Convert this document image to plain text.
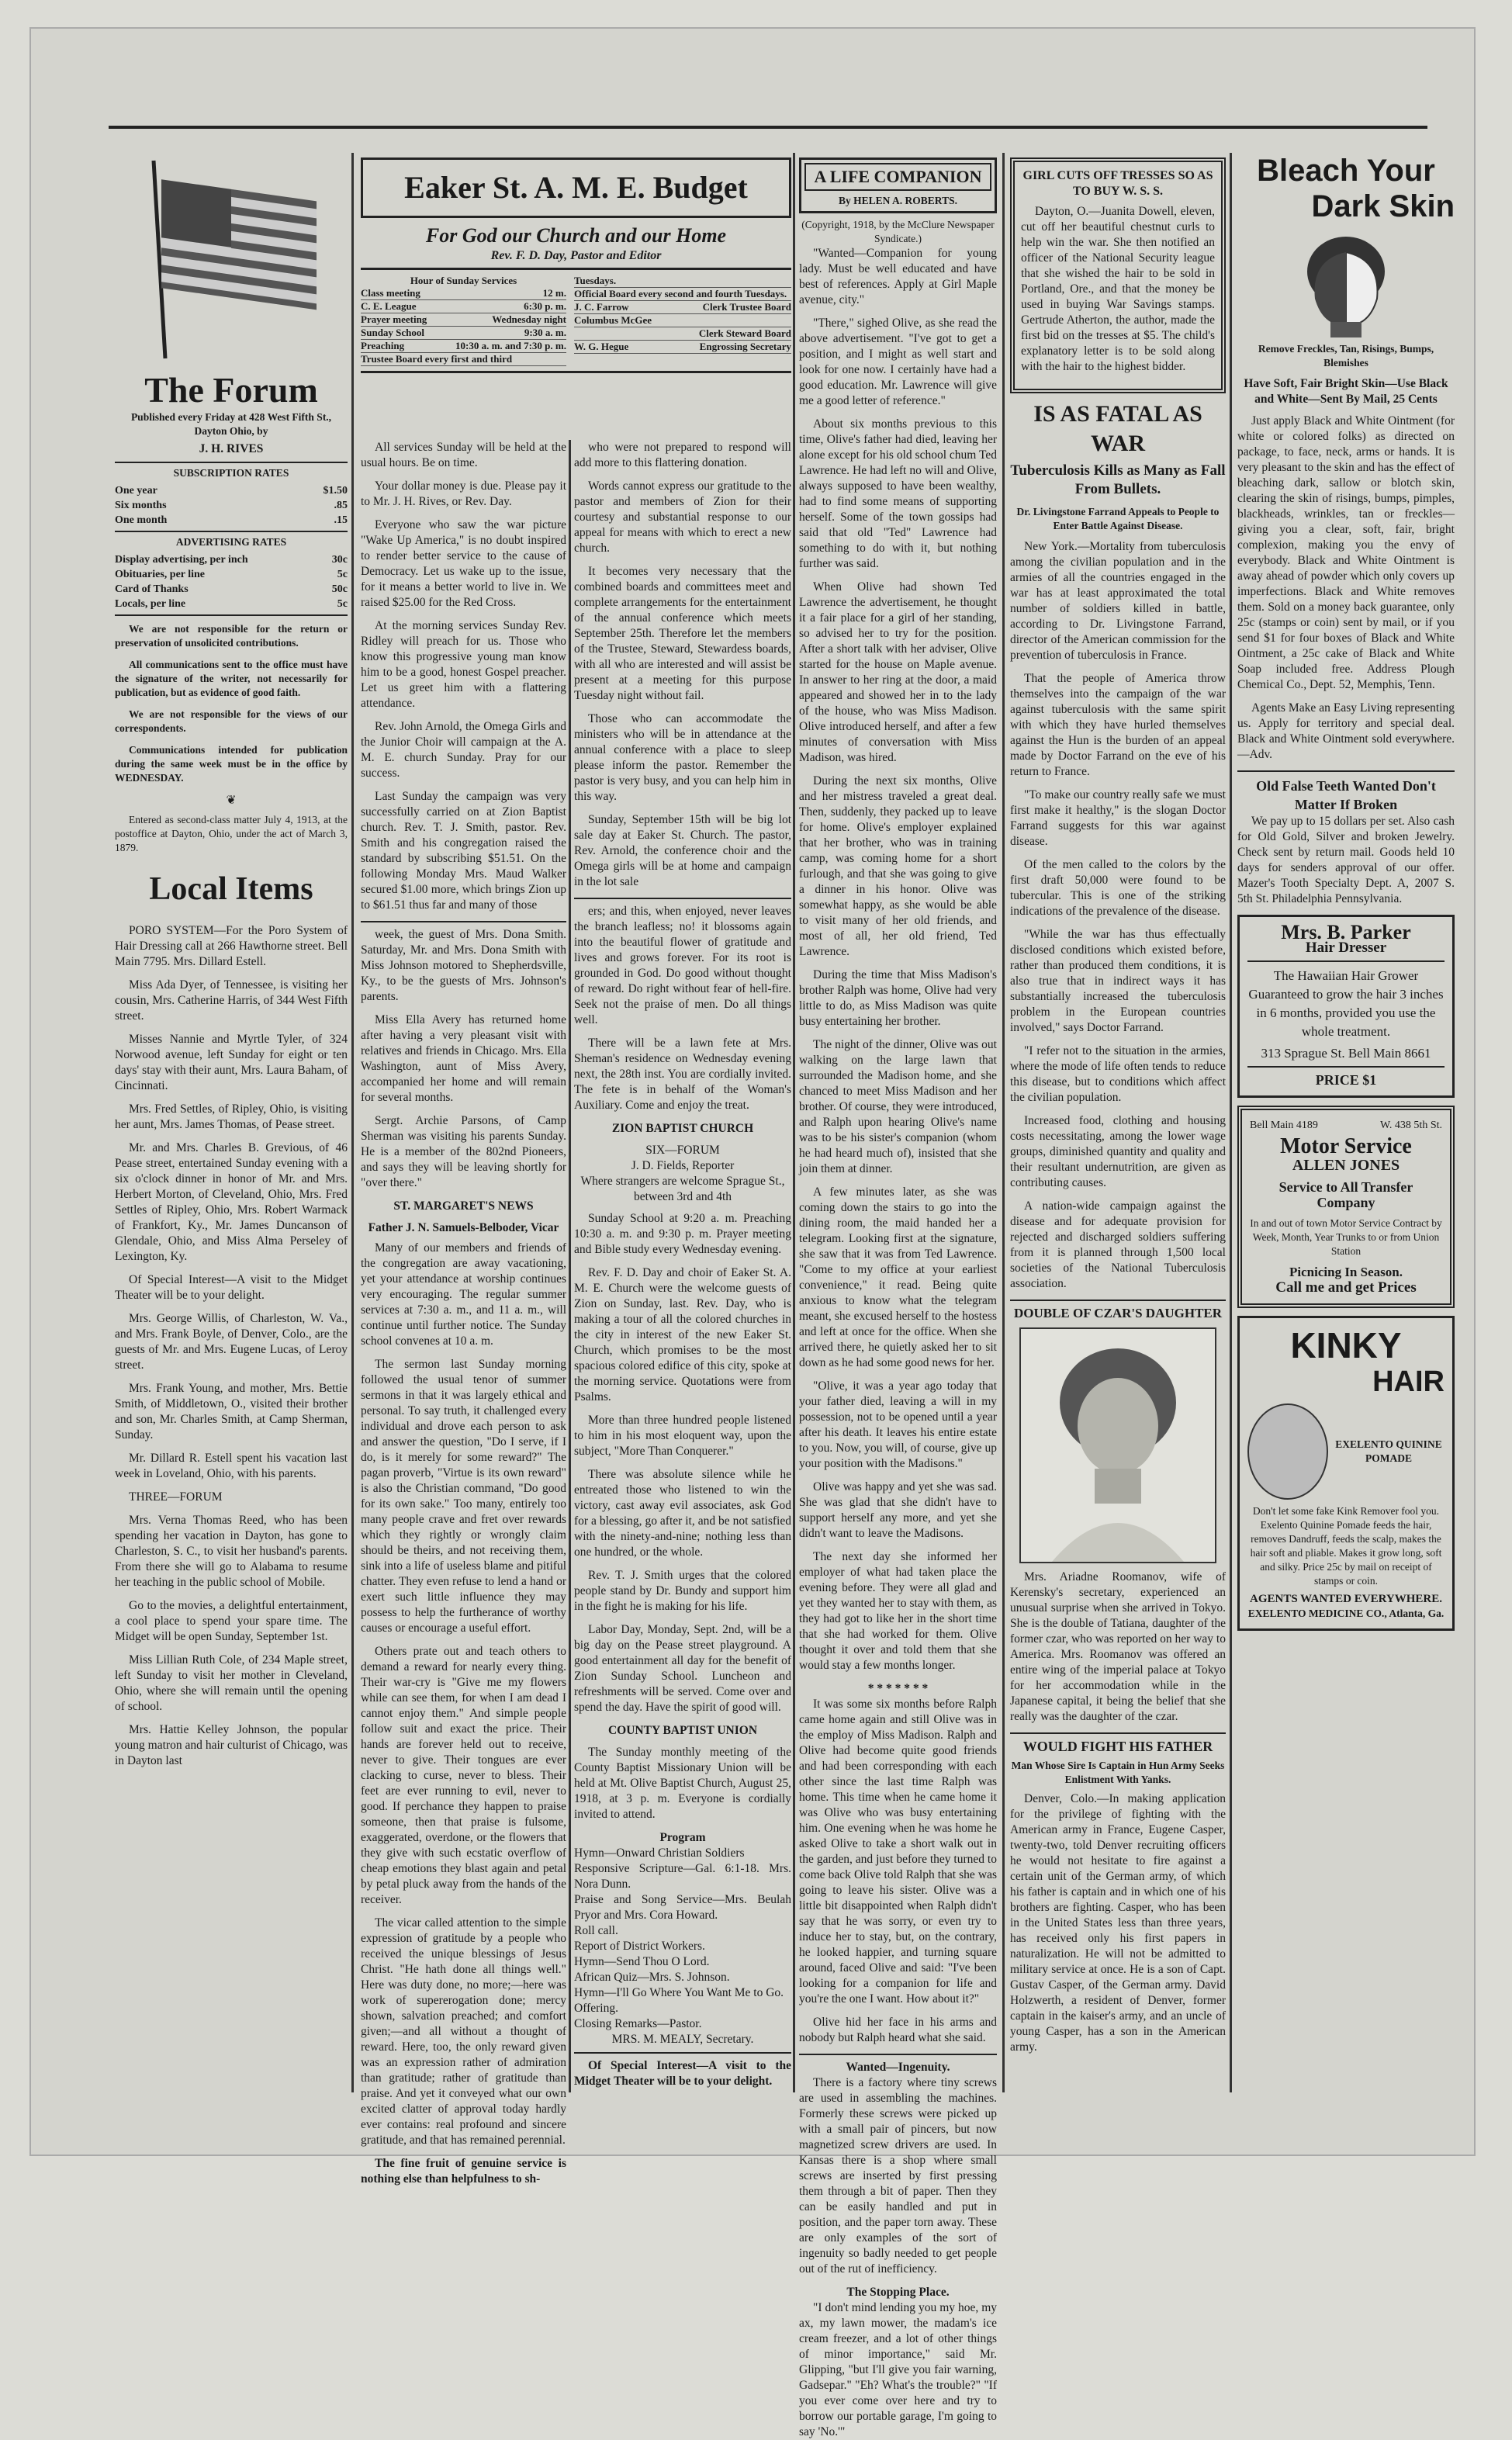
The Forum
Published every Friday at 428 West Fifth St., Dayton Ohio, by
J. H. RIVES
SUBSCRIPTION RATES
One year	$1.50
Six months	.85
One month	.15
ADVERTISING RATES
Display advertising, per inch	30c
Obituaries, per line	5c
Card of Thanks	50c
Locals, per line	5c

We are not responsible for the return or preservation of unsolicited contributions.

All communications sent to the office must have the signature of the writer, not necessarily for publication, but as evidence of good faith.

We are not responsible for the views of our correspondents.

Communications intended for publication during the same week must be in the office by WEDNESDAY.

❦

Entered as second-class matter July 4, 1913, at the postoffice at Dayton, Ohio, under the act of March 3, 1879.

Local Items

PORO SYSTEM—For the Poro System of Hair Dressing call at 266 Hawthorne street. Bell Main 7795. Mrs. Dillard Estell.

Miss Ada Dyer, of Tennessee, is visiting her cousin, Mrs. Catherine Harris, of 344 West Fifth street.

Misses Nannie and Myrtle Tyler, of 324 Norwood avenue, left Sunday for eight or ten days' stay with their aunt, Mrs. Laura Baham, of Cincinnati.

Mrs. Fred Settles, of Ripley, Ohio, is visiting her aunt, Mrs. James Thomas, of Pease street.

Mr. and Mrs. Charles B. Grevious, of 46 Pease street, entertained Sunday evening with a six o'clock dinner in honor of Mr. and Mrs. Herbert Morton, of Cleveland, Ohio, Mrs. Fred Settles of Ripley, Ohio, Mrs. Robert Warmack of Frankfort, Ky., Mr. James Duncanson of Glendale, Ohio, and Miss Alma Perseley of Lexington, Ky.

Of Special Interest—A visit to the Midget Theater will be to your delight.

Mrs. George Willis, of Charleston, W. Va., and Mrs. Frank Boyle, of Denver, Colo., are the guests of Mr. and Mrs. Eugene Lucas, of Leroy street.

Mrs. Frank Young, and mother, Mrs. Bettie Smith, of Middletown, O., visited their brother and son, Mr. Charles Smith, at Camp Sherman, Sunday.

Mr. Dillard R. Estell spent his vacation last week in Loveland, Ohio, with his parents.

THREE—FORUM

Mrs. Verna Thomas Reed, who has been spending her vacation in Dayton, has gone to Charleston, S. C., to visit her husband's parents. From there she will go to Alabama to resume her teaching in the public school of Mobile.

Go to the movies, a delightful entertainment, a cool place to spend your spare time. The Midget will be open Sunday, September 1st.

Miss Lillian Ruth Cole, of 234 Maple street, left Sunday to visit her mother in Cleveland, Ohio, where she will remain until the opening of school.

Mrs. Hattie Kelley Johnson, the popular young matron and hair culturist of Chicago, was in Dayton last

Eaker St. A. M. E. Budget
For God our Church and our Home
Rev. F. D. Day, Pastor and Editor
Hour of Sunday Services
Class meeting	12 m.
C. E. League	6:30 p. m.
Prayer meeting	Wednesday night
Sunday School	9:30 a. m.
Preaching	10:30 a. m. and 7:30 p. m.
Trustee Board every first and third
Tuesdays.
Official Board every second and fourth Tuesdays.
J. C. Farrow	Clerk Trustee Board
Columbus McGee
Clerk Steward Board
W. G. Hegue	Engrossing Secretary

All services Sunday will be held at the usual hours. Be on time.

Your dollar money is due. Please pay it to Mr. J. H. Rives, or Rev. Day.

Everyone who saw the war picture "Wake Up America," is no doubt inspired to render better service to the cause of Democracy. Let us wake up to the issue, for it means a better world to live in. We raised $25.00 for the Red Cross.

At the morning services Sunday Rev. Ridley will preach for us. Those who know this progressive young man know him to be a good, honest Gospel preacher. Let us greet him with a flattering attendance.

Rev. John Arnold, the Omega Girls and the Junior Choir will campaign at the A. M. E. church Sunday. Pray for our success.

Last Sunday the campaign was very successfully carried on at Zion Baptist church. Rev. T. J. Smith, pastor. Rev. Smith and his congregation raised the standard by subscribing $51.51. On the following Monday Mrs. Maud Walker secured $1.00 more, which brings Zion up to $61.51 thus far and many of those

week, the guest of Mrs. Dona Smith. Saturday, Mr. and Mrs. Dona Smith with Miss Johnson motored to Shepherdsville, Ky., to be the guests of Mrs. Johnson's parents.

Miss Ella Avery has returned home after having a very pleasant visit with relatives and friends in Chicago. Mrs. Ella Washington, aunt of Miss Avery, accompanied her home and will remain for several months.

Sergt. Archie Parsons, of Camp Sherman was visiting his parents Sunday. He is a member of the 802nd Pioneers, and says they will be leaving shortly for "over there."

ST. MARGARET'S NEWS
Father J. N. Samuels-Belboder, Vicar

Many of our members and friends of the congregation are away vacationing, yet your attendance at worship continues very encouraging. The regular summer services at 7:30 a. m., and 11 a. m., will continue until further notice. The Sunday school convenes at 10 a. m.

The sermon last Sunday morning followed the usual tenor of summer sermons in that it was largely ethical and personal. To say truth, it challenged every individual and drove each person to ask and answer the question, "Do I serve, if I do, is it merely for some reward?" The pagan proverb, "Virtue is its own reward" is also the Christian command, "Do good for its own sake." Too many, entirely too many people crave and fret over rewards which they rightly or wrongly claim should be theirs, and not receiving them, sink into a life of useless blame and pitiful chatter. They even refuse to lend a hand or exert such little influence they may possess to help the furtherance of worthy causes or encourage a useful effort.

Others prate out and teach others to demand a reward for nearly every thing. Their war-cry is "Give me my flowers while can see them, for when I am dead I cannot enjoy them." And simple people follow suit and exact the price. Their hands are forever held out to receive, never to give. Their tongues are ever clacking to curse, never to bless. Their feet are ever running to evil, never to good. If perchance they happen to praise someone, then that praise is fulsome, exaggerated, overdone, or the flowers that they give with such ecstatic overflow of cheap emotions they blast again and petal by petal pluck away from the hands of the receiver.

The vicar called attention to the simple expression of gratitude by a people who received the unique blessings of Jesus Christ. "He hath done all things well." Here was duty done, no more;—here was work of supererogation done; mercy shown, salvation preached; and comfort given;—and all without a thought of reward. Here, too, the only reward given was an expression rather of admiration than gratitude; rather of gratitude than praise. And yet it conveyed what our own excited clatter of approval today hardly ever contains: real profound and sincere gratitude, and that has remained perennial.

The fine fruit of genuine service is nothing else than helpfulness to sh-

who were not prepared to respond will add more to this flattering donation.

Words cannot express our gratitude to the pastor and members of Zion for their courtesy and substantial response to our appeal for means with which to erect a new church.

It becomes very necessary that the combined boards and committees meet and complete arrangements for the entertainment of the annual conference which meets September 25th. Therefore let the members of the Trustee, Steward, Stewardess boards, with all who are interested and will assist be present at a meeting for this purpose Tuesday night without fail.

Those who can accommodate the ministers who will be in attendance at the annual conference with a place to sleep please inform the pastor. Remember the pastor is very busy, and you can help him in this way.

Sunday, September 15th will be big lot sale day at Eaker St. Church. The pastor, Rev. Arnold, the conference choir and the Omega girls will be at home and campaign in the lot sale

ers; and this, when enjoyed, never leaves the branch leafless; no! it blossoms again into the beautiful flower of gratitude and lives and grows forever. For its root is grounded in God. Do good without thought of reward. Do right without fear of hell-fire. Seek not the praise of men. Do all things well.

There will be a lawn fete at Mrs. Sheman's residence on Wednesday evening next, the 28th inst. You are cordially invited. The fete is in behalf of the Woman's Auxiliary. Come and enjoy the treat.

ZION BAPTIST CHURCH
SIX—FORUM
J. D. Fields, Reporter
Where strangers are welcome Sprague St., between 3rd and 4th

Sunday School at 9:20 a. m. Preaching 10:30 a. m. and 9:30 p. m. Prayer meeting and Bible study every Wednesday evening.

Rev. F. D. Day and choir of Eaker St. A. M. E. Church were the welcome guests of Zion on Sunday, last. Rev. Day, who is making a tour of all the colored churches in the city in interest of the new Eaker St. Church, which promises to be the most spacious colored edifice of this city, spoke at the morning service. Quotations were from Psalms.

More than three hundred people listened to him in his most eloquent way, upon the subject, "More Than Conquerer."

There was absolute silence while he entreated those who listened to win the victory, cast away evil associates, ask God for a blessing, go after it, and be not satisfied with the ninety-and-nine; nothing less than one hundred, or the whole.

Rev. T. J. Smith urges that the colored people stand by Dr. Bundy and support him in the fight he is making for his life.

Labor Day, Monday, Sept. 2nd, will be a big day on the Pease street playground. A good entertainment all day for the benefit of Zion Sunday School. Luncheon and refreshments will be served. Come over and spend the day. Have the spirit of good will.

COUNTY BAPTIST UNION

The Sunday monthly meeting of the County Baptist Missionary Union will be held at Mt. Olive Baptist Church, August 25, 1918, at 3 p. m. Everyone is cordially invited to attend.

Program
Hymn—Onward Christian Soldiers
Responsive Scripture—Gal. 6:1-18. Mrs. Nora Dunn.
Praise and Song Service—Mrs. Beulah Pryor and Mrs. Cora Howard.
Roll call.
Report of District Workers.
Hymn—Send Thou O Lord.
African Quiz—Mrs. S. Johnson.
Hymn—I'll Go Where You Want Me to Go.
Offering.
Closing Remarks—Pastor.
MRS. M. MEALY, Secretary.

Of Special Interest—A visit to the Midget Theater will be to your delight.

A LIFE COMPANION
By HELEN A. ROBERTS.
(Copyright, 1918, by the McClure Newspaper Syndicate.)

"Wanted—Companion for young lady. Must be well educated and have best of references. Apply at Girl Maple avenue, city."

"There," sighed Olive, as she read the above advertisement. "I've got to get a position, and I might as well start and look for one now. I certainly have had a good education. Mr. Lawrence will give me a good letter of reference."

About six months previous to this time, Olive's father had died, leaving her alone except for his old school chum Ted Lawrence. He had left no will and Olive, always supposed to have been wealthy, had to find some means of supporting herself. Some of the town gossips had said that old "Ted" Lawrence had something to do with it, but nothing further was said.

When Olive had shown Ted Lawrence the advertisement, he thought it a fair place for a girl of her standing, so advised her to try for the position. After a short talk with her adviser, Olive started for the house on Maple avenue. In answer to her ring at the door, a maid appeared and showed her in to the lady of the house, who was Miss Madison. Olive introduced herself, and after a few minutes of conversation with Miss Madison, was hired.

During the next six months, Olive and her mistress traveled a great deal. Then, suddenly, they packed up to leave for home. Olive's employer explained that her brother, who was in training camp, was coming home for a short furlough, and that she was going to give a dinner in his honor. Olive was somewhat happy, as she would be able to visit many of her old friends, and most of all, her old friend, Ted Lawrence.

During the time that Miss Madison's brother Ralph was home, Olive had very little to do, as Miss Madison was quite busy entertaining her brother.

The night of the dinner, Olive was out walking on the large lawn that surrounded the Madison home, and she chanced to meet Miss Madison and her brother. Of course, they were introduced, and Ralph upon hearing Olive's name was to be his sister's companion (whom he had heard much of), insisted that she join them at dinner.

A few minutes later, as she was coming down the stairs to go into the dining room, the maid handed her a telegram. Looking first at the signature, she saw that it was from Ted Lawrence. "Come to my office at your earliest convenience," it read. Being quite anxious to know what the telegram meant, she excused herself to the hostess and left at once for the office. When she arrived there, he quietly asked her to sit down as he had some good news for her.

"Olive, it was a year ago today that your father died, leaving a will in my possession, not to be opened until a year after his death. It leaves his entire estate to you. Now, you will, of course, give up your position with the Madisons."

Olive was happy and yet she was sad. She was glad that she didn't have to support herself any more, and yet she didn't want to leave the Madisons.

The next day she informed her employer of what had taken place the evening before. They were all glad and yet they wanted her to stay with them, as they had got to like her in the short time that she had worked for them. Olive thought it over and told them that she would stay a few months longer.

* * * * * * *

It was some six months before Ralph came home again and still Olive was in the employ of Miss Madison. Ralph and Olive had become quite good friends and had been corresponding with each other since the last time Ralph was home. This time when he came home it was Olive who was busy entertaining him. One evening when he was home he asked Olive to take a short walk out in the garden, and just before they turned to come back Olive told Ralph that she was going to leave his sister. Olive was a little bit disappointed when Ralph didn't say that he was sorry, or even try to induce her to stay, but, on the contrary, he looked happier, and turning square around, faced Olive and said: "I've been looking for a companion for life and you're the one I want. How about it?"

Olive hid her face in his arms and nobody but Ralph heard what she said.

Wanted—Ingenuity.

There is a factory where tiny screws are used in assembling the machines. Formerly these screws were picked up with a small pair of pincers, but now magnetized screw drivers are used. In Kansas there is a shop where small screws are inserted by first pressing them through a bit of paper. Then they can be easily handled and put in position, and the paper torn away. These are only examples of the sort of ingenuity so badly needed to get people out of the rut of inefficiency.

The Stopping Place.

"I don't mind lending you my hoe, my ax, my lawn mower, the madam's ice cream freezer, and a lot of other things of minor importance," said Mr. Glipping, "but I'll give you fair warning, Gadsepar." "Eh? What's the trouble?" "If you ever come over here and try to borrow our portable garage, I'm going to say 'No.'"

GIRL CUTS OFF TRESSES SO AS TO BUY W. S. S.

Dayton, O.—Juanita Dowell, eleven, cut off her beautiful chestnut curls to help win the war. She then notified an officer of the National Security league that she wished the hair to be sold in Portland, Ore., and that the money be used in buying War Savings stamps. Gertrude Atherton, the author, made the first bid on the tresses at $5. The child's explanatory letter is to be sold along with the hair to the highest bidder.

IS AS FATAL AS WAR
Tuberculosis Kills as Many as Fall From Bullets.
Dr. Livingstone Farrand Appeals to People to Enter Battle Against Disease.

New York.—Mortality from tuberculosis among the civilian population and in the armies of all the countries engaged in the war has at least approximated the total number of soldiers killed in battle, according to Dr. Livingstone Farrand, director of the American commission for the prevention of tuberculosis in France.

That the people of America throw themselves into the campaign of the war against tuberculosis with the same spirit with which they have hurled themselves against the Hun is the burden of an appeal made by Doctor Farrand on the eve of his return to France.

"To make our country really safe we must first make it healthy," is the slogan Doctor Farrand suggests for this war against disease.

Of the men called to the colors by the first draft 50,000 were found to be tubercular. This is one of the striking indications of the prevalence of the disease.

"While the war has thus effectually disclosed conditions which existed before, rather than produced them conditions, it is also true that in indirect ways it has substantially increased the tuberculosis problem in the European countries involved," says Doctor Farrand.

"I refer not to the situation in the armies, where the mode of life often tends to reduce this disease, but to conditions which affect the civilian population.

Increased food, clothing and housing costs necessitating, among the lower wage groups, diminished quantity and quality and their resultant undernutrition, are given as contributing causes.

A nation-wide campaign against the disease and for adequate provision for rejected and discharged soldiers suffering from it is planned through 1,500 local societies of the National Tuberculosis association.

DOUBLE OF CZAR'S DAUGHTER

Mrs. Ariadne Roomanov, wife of Kerensky's secretary, experienced an unusual surprise when she arrived in Tokyo. She is the double of Tatiana, daughter of the former czar, who was reported on her way to America. Mrs. Roomanov was offered an entire wing of the imperial palace at Tokyo for her accommodation while in the Japanese capital, it being the belief that she really was the daughter of the czar.

WOULD FIGHT HIS FATHER
Man Whose Sire Is Captain in Hun Army Seeks Enlistment With Yanks.

Denver, Colo.—In making application for the privilege of fighting with the American army in France, Eugene Casper, twenty-two, told Denver recruiting officers he would not hesitate to fire against a certain unit of the German army, of which his father is captain and in which one of his brothers are fighting. Casper, who has been in the United States less than three years, has received only his first papers in naturalization. He will not be admitted to military service at once. He is a son of Capt. Gustav Casper, of the German army. David Holzwerth, a resident of Denver, former captain in the kaiser's army, and an uncle of young Casper, has a son in the American army.

Bleach Your
Dark Skin
Remove Freckles, Tan, Risings, Bumps, Blemishes
Have Soft, Fair Bright Skin—Use Black and White—Sent By Mail, 25 Cents

Just apply Black and White Ointment (for white or colored folks) as directed on package, to face, neck, arms or hands. It is very pleasant to the skin and has the effect of bleaching dark, sallow or blotch skin, clearing the skin of risings, bumps, pimples, blackheads, wrinkles, tan or freckles—giving you a clear, soft, fair, bright complexion, making you the envy of everybody. Black and White Ointment is away ahead of powder which only covers up imperfections. Black and White removes them. Sold on a money back guarantee, only 25c (stamps or coin) sent by mail, or if you send $1 for four boxes of Black and White Ointment, a 25c cake of Black and White Soap included free. Address Plough Chemical Co., Dept. 52, Memphis, Tenn.

Agents Make an Easy Living representing us. Apply for territory and special deal. Black and White Ointment sold everywhere.—Adv.

Old False Teeth Wanted Don't Matter If Broken

We pay up to 15 dollars per set. Also cash for Old Gold, Silver and broken Jewelry. Check sent by return mail. Goods held 10 days for senders approval of our offer. Mazer's Tooth Specialty Dept. A, 2007 S. 5th St. Philadelphia Pennsylvania.

Mrs. B. Parker
Hair Dresser
The Hawaiian Hair Grower Guaranteed to grow the hair 3 inches in 6 months, provided you use the whole treatment.
313 Sprague St. Bell Main 8661
PRICE $1
Bell Main 4189	W. 438 5th St.
Motor Service
ALLEN JONES
Service to All Transfer Company
In and out of town Motor Service Contract by Week, Month, Year Trunks to or from Union Station
Picnicing In Season.
Call me and get Prices
KINKY
HAIR
EXELENTO QUININE POMADE
Don't let some fake Kink Remover fool you. Exelento Quinine Pomade feeds the hair, removes Dandruff, feeds the scalp, makes the hair soft and pliable. Makes it grow long, soft and silky. Price 25c by mail on receipt of stamps or coin.
AGENTS WANTED EVERYWHERE.
EXELENTO MEDICINE CO., Atlanta, Ga.
